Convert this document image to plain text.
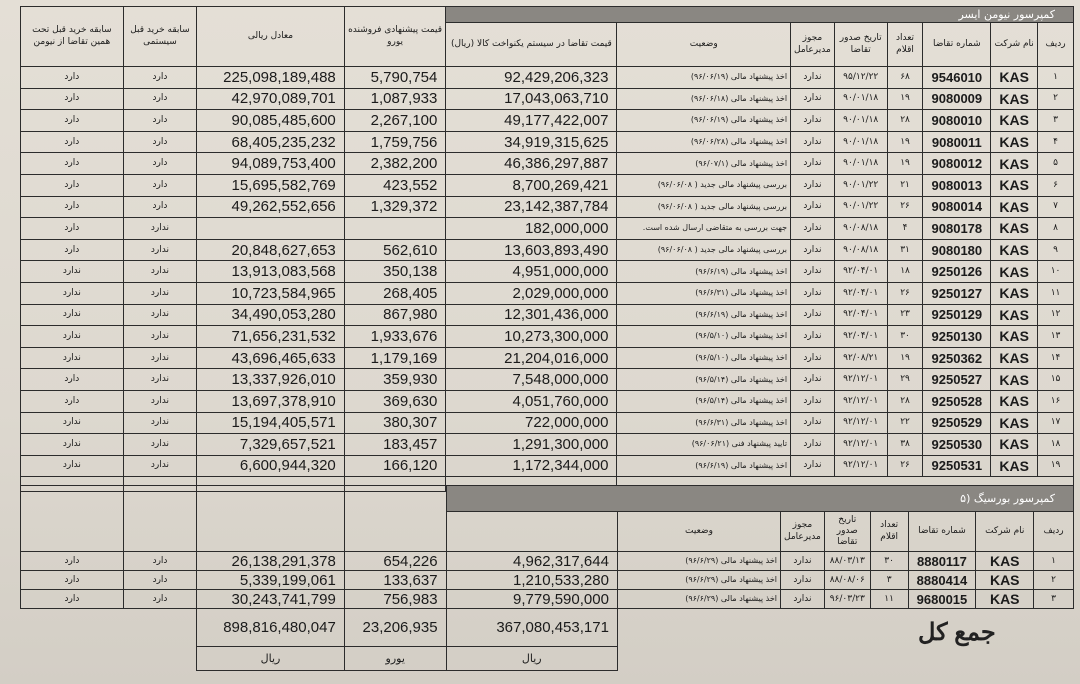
سابقه خرید قبل تحت همین تقاضا از نیومن	سابقه خرید قبل سیستمی	معادل ریالی	قیمت پیشنهادی فروشنده یورو	کمپرسور نیومن ایسر							
				قیمت تقاضا در سیستم یکنواخت کالا (ریال)	وضعیت	مجوز مدیرعامل	تاریخ صدور تقاضا	تعداد اقلام	شماره تقاضا	نام شرکت	ردیف

دارد	دارد	225,098,189,488	5,790,754	92,429,206,323	اخذ پیشنهاد مالی (۹۶/۰۶/۱۹)	ندارد	۹۵/۱۲/۲۲	۶۸	9546010	KAS	۱
دارد	دارد	42,970,089,701	1,087,933	17,043,063,710	اخذ پیشنهاد مالی (۹۶/۰۶/۱۸)	ندارد	۹۰/۰۱/۱۸	۱۹	9080009	KAS	۲
دارد	دارد	90,085,485,600	2,267,100	49,177,422,007	اخذ پیشنهاد مالی (۹۶/۰۶/۱۹)	ندارد	۹۰/۰۱/۱۸	۲۸	9080010	KAS	۳
دارد	دارد	68,405,235,232	1,759,756	34,919,315,625	اخذ پیشنهاد مالی (۹۶/۰۶/۲۸)	ندارد	۹۰/۰۱/۱۸	۱۹	9080011	KAS	۴
دارد	دارد	94,089,753,400	2,382,200	46,386,297,887	اخذ پیشنهاد مالی (۹۶/۰۷/۱)	ندارد	۹۰/۰۱/۱۸	۱۹	9080012	KAS	۵
دارد	دارد	15,695,582,769	423,552	8,700,269,421	بررسی پیشنهاد مالی جدید ( ۹۶/۰۶/۰۸)	ندارد	۹۰/۰۱/۲۲	۲۱	9080013	KAS	۶
دارد	دارد	49,262,552,656	1,329,372	23,142,387,784	بررسی پیشنهاد مالی جدید ( ۹۶/۰۶/۰۸)	ندارد	۹۰/۰۱/۲۲	۲۶	9080014	KAS	۷
دارد	ندارد			182,000,000	جهت بررسی به متقاضی ارسال شده است.	ندارد	۹۰/۰۸/۱۸	۴	9080178	KAS	۸
دارد	ندارد	20,848,627,653	562,610	13,603,893,490	بررسی پیشنهاد مالی جدید ( ۹۶/۰۶/۰۸)	ندارد	۹۰/۰۸/۱۸	۳۱	9080180	KAS	۹
ندارد	ندارد	13,913,083,568	350,138	4,951,000,000	اخذ پیشنهاد مالی (۹۶/۶/۱۹)	ندارد	۹۲/۰۴/۰۱	۱۸	9250126	KAS	۱۰
ندارد	ندارد	10,723,584,965	268,405	2,029,000,000	اخذ پیشنهاد مالی (۹۶/۶/۳۱)	ندارد	۹۲/۰۴/۰۱	۲۶	9250127	KAS	۱۱
ندارد	ندارد	34,490,053,280	867,980	12,301,436,000	اخذ پیشنهاد مالی (۹۶/۶/۱۹)	ندارد	۹۲/۰۴/۰۱	۲۳	9250129	KAS	۱۲
ندارد	ندارد	71,656,231,532	1,933,676	10,273,300,000	اخذ پیشنهاد مالی (۹۶/۵/۱۰)	ندارد	۹۲/۰۴/۰۱	۳۰	9250130	KAS	۱۳
ندارد	ندارد	43,696,465,633	1,179,169	21,204,016,000	اخذ پیشنهاد مالی (۹۶/۵/۱۰)	ندارد	۹۲/۰۸/۲۱	۱۹	9250362	KAS	۱۴
دارد	ندارد	13,337,926,010	359,930	7,548,000,000	اخذ پیشنهاد مالی (۹۶/۵/۱۴)	ندارد	۹۲/۱۲/۰۱	۲۹	9250527	KAS	۱۵
دارد	ندارد	13,697,378,910	369,630	4,051,760,000	اخذ پیشنهاد مالی (۹۶/۵/۱۴)	ندارد	۹۲/۱۲/۰۱	۲۸	9250528	KAS	۱۶
ندارد	ندارد	15,194,405,571	380,307	722,000,000	اخذ پیشنهاد مالی (۹۶/۶/۳۱)	ندارد	۹۲/۱۲/۰۱	۲۲	9250529	KAS	۱۷
ندارد	ندارد	7,329,657,521	183,457	1,291,300,000	تایید پیشنهاد فنی (۹۶/۰۶/۲۱)	ندارد	۹۲/۱۲/۰۱	۳۸	9250530	KAS	۱۸
ندارد	ندارد	6,600,944,320	166,120	1,172,344,000	اخذ پیشنهاد مالی (۹۶/۶/۱۹)	ندارد	۹۲/۱۲/۰۱	۲۶	9250531	KAS	۱۹

				۵) کمپرسور بورسیگ							
					وضعیت	مجوز مدیرعامل	تاریخ صدور تقاضا	تعداد اقلام	شماره تقاضا	نام شرکت	ردیف

دارد	دارد	26,138,291,378	654,226	4,962,317,644	اخذ پیشنهاد مالی (۹۶/۶/۲۹)	ندارد	۸۸/۰۳/۱۳	۳۰	8880117	KAS	۱
دارد	دارد	5,339,199,061	133,637	1,210,533,280	اخذ پیشنهاد مالی (۹۶/۶/۲۹)	ندارد	۸۸/۰۸/۰۶	۳	8880414	KAS	۲
دارد	دارد	30,243,741,799	756,983	9,779,590,000	اخذ پیشنهاد مالی (۹۶/۶/۲۹)	ندارد	۹۶/۰۳/۲۳	۱۱	9680015	KAS	۳
		898,816,480,047	23,206,935	367,080,453,171							
		ریال	یورو	ریال							
جمع کل
